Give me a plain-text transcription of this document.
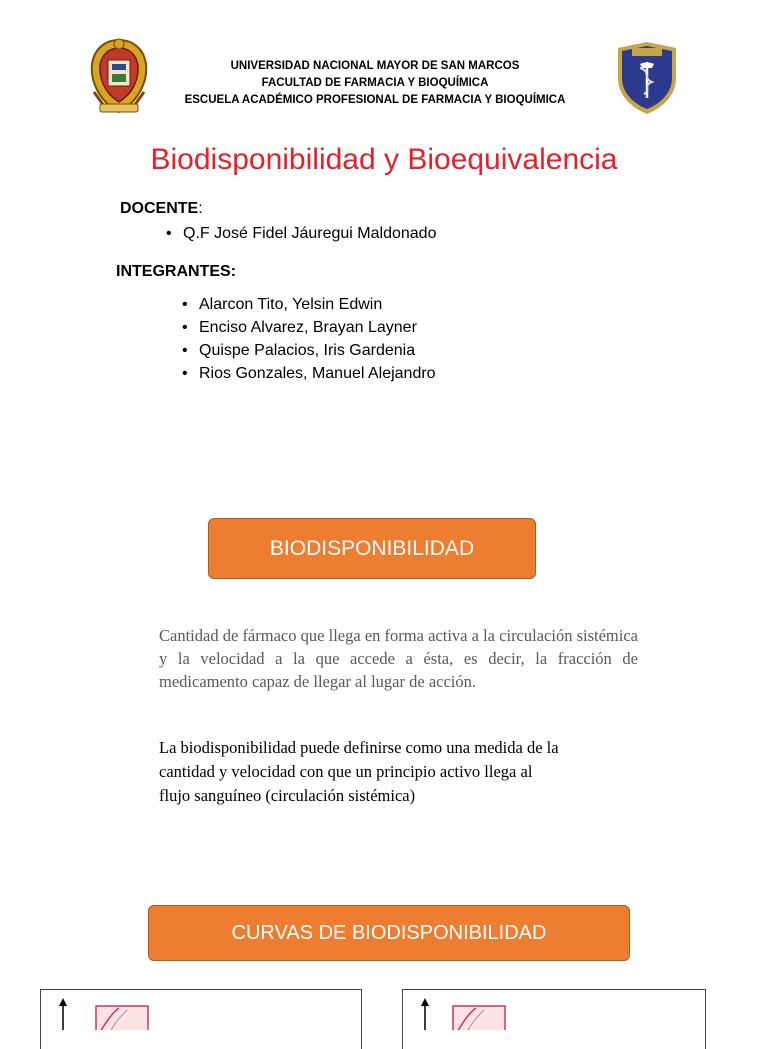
UNIVERSIDAD NACIONAL MAYOR DE SAN MARCOS
FACULTAD DE FARMACIA Y BIOQUÍMICA
ESCUELA ACADÉMICO PROFESIONAL DE FARMACIA Y BIOQUÍMICA
Biodisponibilidad y Bioequivalencia
DOCENTE:
• Q.F José Fidel Jáuregui Maldonado
INTEGRANTES:
• Alarcon Tito, Yelsin Edwin
• Enciso Alvarez, Brayan Layner
• Quispe Palacios, Iris Gardenia
• Rios Gonzales, Manuel Alejandro
BIODISPONIBILIDAD

Cantidad de fármaco que llega en forma activa a la circulación sistémica y la velocidad a la que accede a ésta, es decir, la fracción de medicamento capaz de llegar al lugar de acción.

La biodisponibilidad puede definirse como una medida de la
cantidad y velocidad con que un principio activo llega al
flujo sanguíneo (circulación sistémica)

CURVAS DE BIODISPONIBILIDAD
